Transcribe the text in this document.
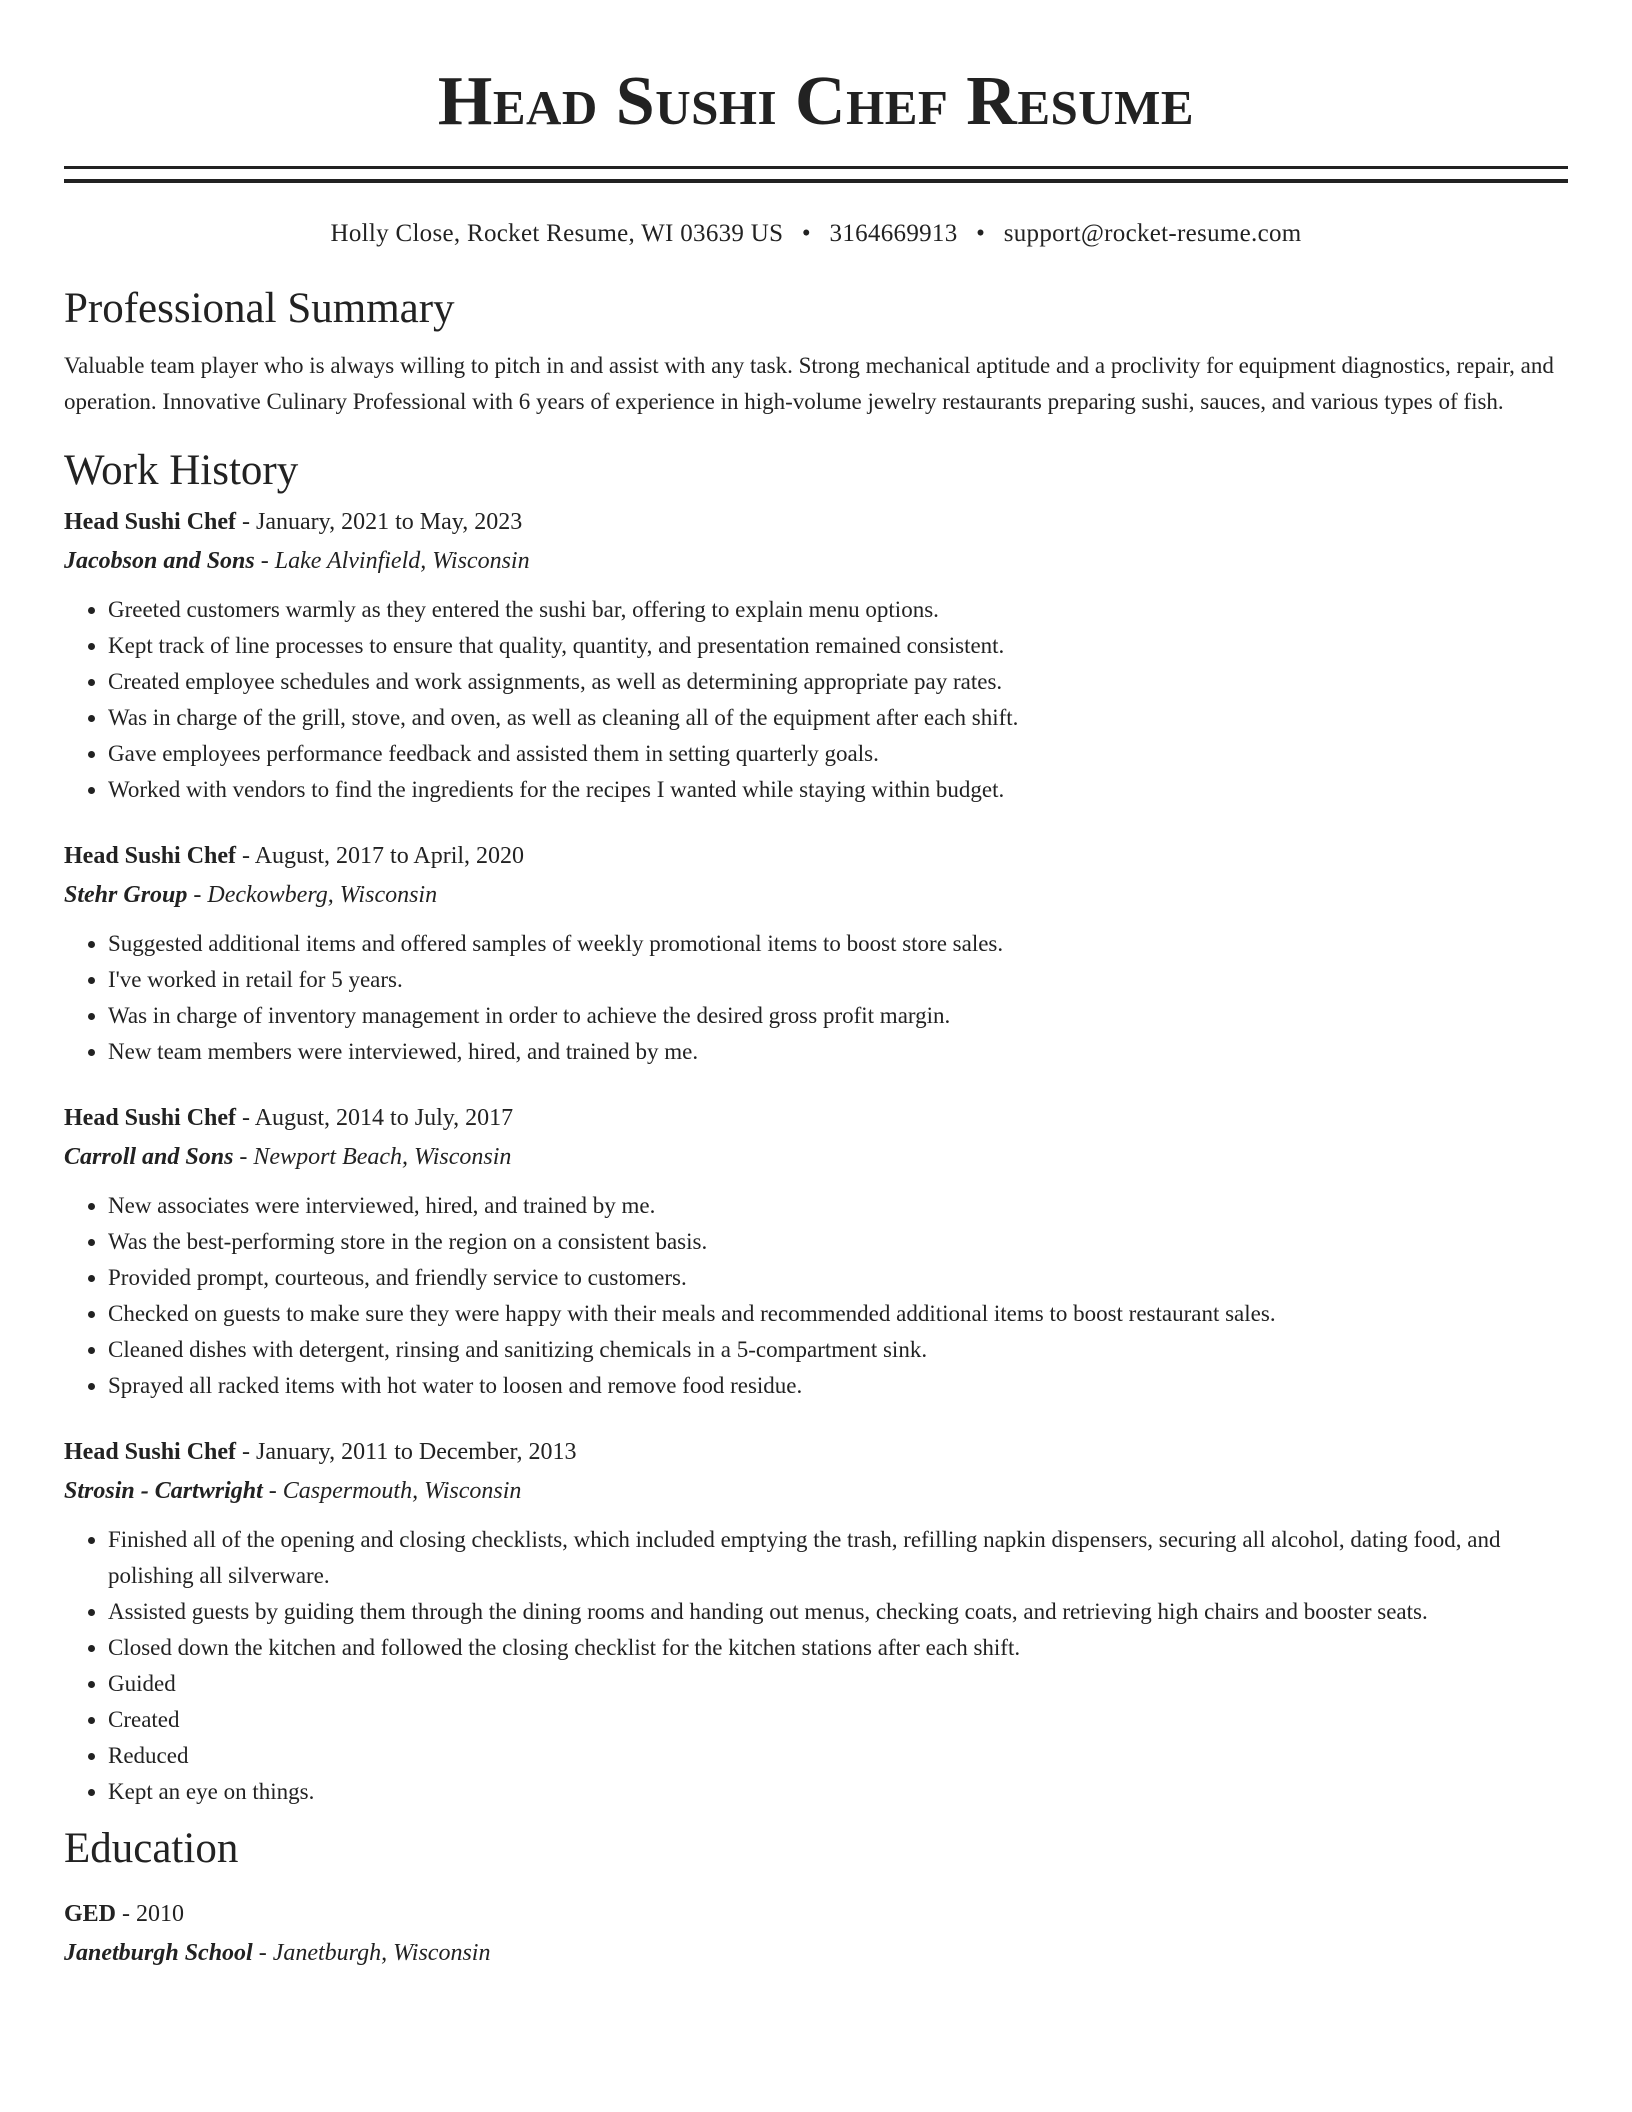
Head Sushi Chef Resume
Holly Close, Rocket Resume, WI 03639 US • 3164669913 • support@rocket-resume.com
Professional Summary
Valuable team player who is always willing to pitch in and assist with any task. Strong mechanical aptitude and a proclivity for equipment diagnostics, repair, and operation. Innovative Culinary Professional with 6 years of experience in high-volume jewelry restaurants preparing sushi, sauces, and various types of fish.
Work History
Head Sushi Chef - January, 2021 to May, 2023
Jacobson and Sons - Lake Alvinfield, Wisconsin
• Greeted customers warmly as they entered the sushi bar, offering to explain menu options.
• Kept track of line processes to ensure that quality, quantity, and presentation remained consistent.
• Created employee schedules and work assignments, as well as determining appropriate pay rates.
• Was in charge of the grill, stove, and oven, as well as cleaning all of the equipment after each shift.
• Gave employees performance feedback and assisted them in setting quarterly goals.
• Worked with vendors to find the ingredients for the recipes I wanted while staying within budget.
Head Sushi Chef - August, 2017 to April, 2020
Stehr Group - Deckowberg, Wisconsin
• Suggested additional items and offered samples of weekly promotional items to boost store sales.
• I've worked in retail for 5 years.
• Was in charge of inventory management in order to achieve the desired gross profit margin.
• New team members were interviewed, hired, and trained by me.
Head Sushi Chef - August, 2014 to July, 2017
Carroll and Sons - Newport Beach, Wisconsin
• New associates were interviewed, hired, and trained by me.
• Was the best-performing store in the region on a consistent basis.
• Provided prompt, courteous, and friendly service to customers.
• Checked on guests to make sure they were happy with their meals and recommended additional items to boost restaurant sales.
• Cleaned dishes with detergent, rinsing and sanitizing chemicals in a 5-compartment sink.
• Sprayed all racked items with hot water to loosen and remove food residue.
Head Sushi Chef - January, 2011 to December, 2013
Strosin - Cartwright - Caspermouth, Wisconsin
• Finished all of the opening and closing checklists, which included emptying the trash, refilling napkin dispensers, securing all alcohol, dating food, and polishing all silverware.
• Assisted guests by guiding them through the dining rooms and handing out menus, checking coats, and retrieving high chairs and booster seats.
• Closed down the kitchen and followed the closing checklist for the kitchen stations after each shift.
• Guided
• Created
• Reduced
• Kept an eye on things.
Education
GED - 2010
Janetburgh School - Janetburgh, Wisconsin
